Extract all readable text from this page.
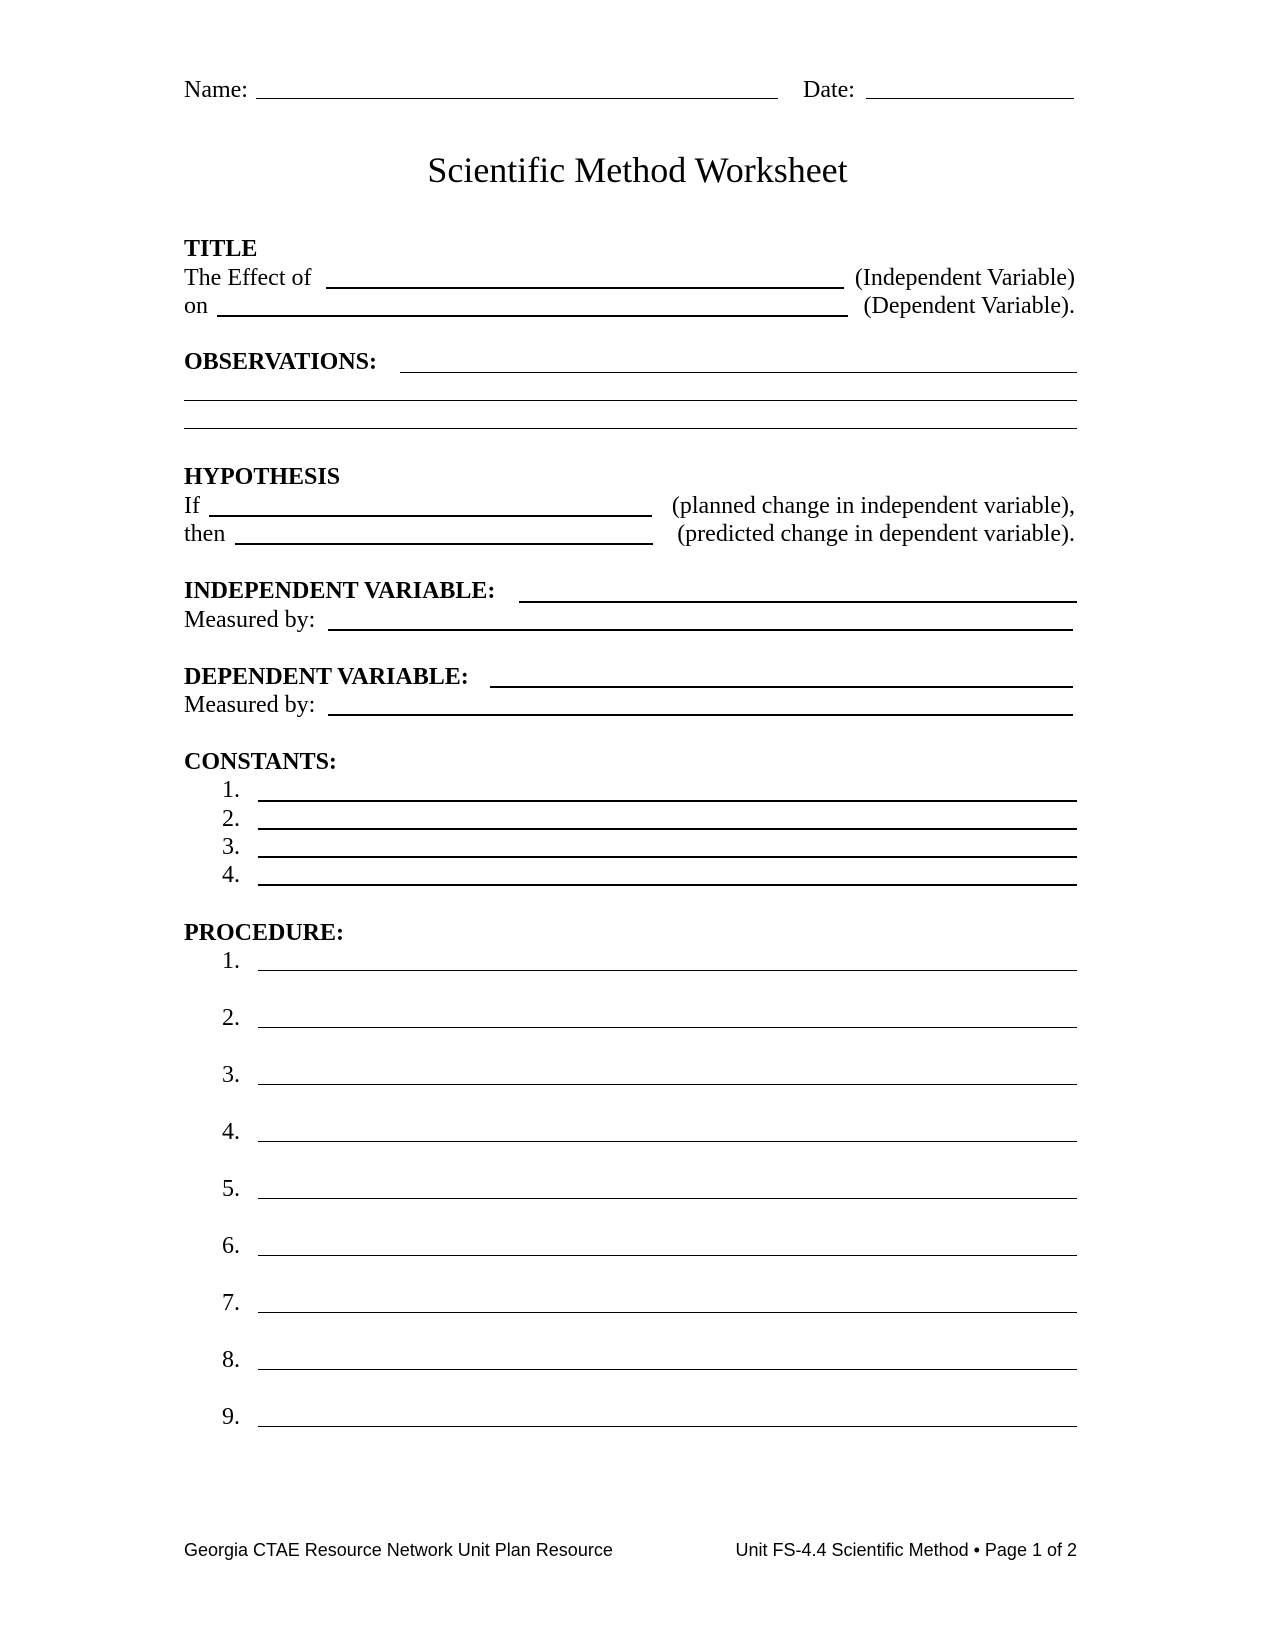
Name:	Date:
Scientific Method Worksheet
TITLE
The Effect of	(Independent Variable)
on	(Dependent Variable).
OBSERVATIONS:
HYPOTHESIS
If	(planned change in independent variable),
then	(predicted change in dependent variable).
INDEPENDENT VARIABLE:
Measured by:
DEPENDENT VARIABLE:
Measured by:
CONSTANTS:
1.
2.
3.
4.
PROCEDURE:
1.
2.
3.
4.
5.
6.
7.
8.
9.
Georgia CTAE Resource Network Unit Plan Resource	Unit FS-4.4 Scientific Method • Page 1 of 2
